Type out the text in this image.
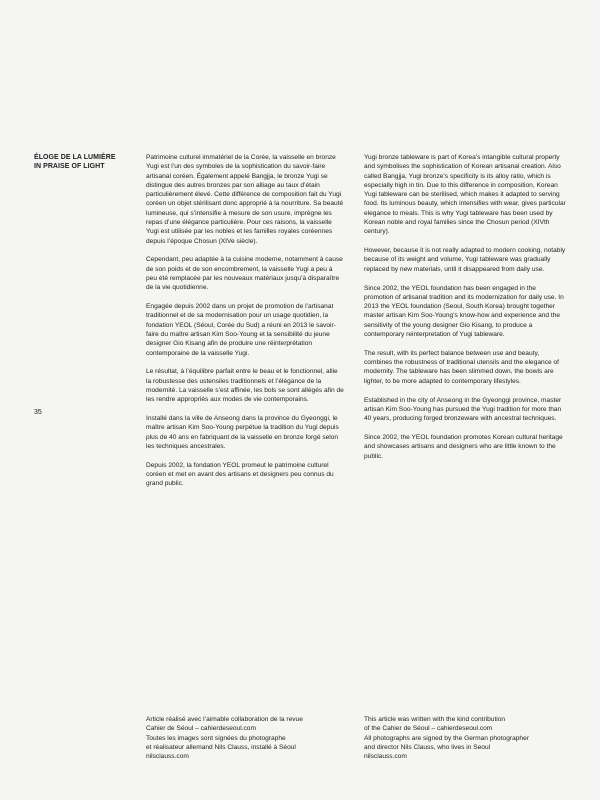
ÉLOGE DE LA LUMIÈRE
IN PRAISE OF LIGHT
35

Patrimoine culturel immatériel de la Corée, la vaisselle en bronze Yugi est l’un des symboles de la sophistication du savoir-faire artisanal coréen. Également appelé Bangjja, le bronze Yugi se distingue des autres bronzes par son alliage au taux d’étain particulièrement élevé. Cette différence de composition fait du Yugi coréen un objet stérilisant donc approprié à la nourriture. Sa beauté lumineuse, qui s’intensifie à mesure de son usure, imprègne les repas d’une élégance particulière. Pour ces raisons, la vaisselle Yugi est utilisée par les nobles et les familles royales coréennes depuis l’époque Chosun (XIVe siècle).

Cependant, peu adaptée à la cuisine moderne, notamment à cause de son poids et de son encombrement, la vaisselle Yugi a peu à peu été remplacée par les nouveaux matériaux jusqu’à disparaître de la vie quotidienne.

Engagée depuis 2002 dans un projet de promotion de l’artisanat traditionnel et de sa modernisation pour un usage quotidien, la fondation YEOL (Séoul, Corée du Sud) a réuni en 2013 le savoir-faire du maître artisan Kim Soo-Young et la sensibilité du jeune designer Gio Kisang afin de produire une réinterprétation contemporaine de la vaisselle Yugi.

Le résultat, à l’équilibre parfait entre le beau et le fonctionnel, allie la robustesse des ustensiles traditionnels et l’élégance de la modernité. La vaisselle s’est affinée, les bols se sont allégés afin de les rendre appropriés aux modes de vie contemporains.

Installé dans la ville de Anseong dans la province du Gyeonggi, le maître artisan Kim Soo-Young perpétue la tradition du Yugi depuis plus de 40 ans en fabriquant de la vaisselle en bronze forgé selon les techniques ancestrales.

Depuis 2002, la fondation YEOL promeut le patrimoine culturel coréen et met en avant des artisans et designers peu connus du grand public.

Yugi bronze tableware is part of Korea’s intangible cultural property and symbolises the sophistication of Korean artisanal creation. Also called Bangjja, Yugi bronze’s specificity is its alloy ratio, which is especially high in tin. Due to this difference in composition, Korean Yugi tableware can be sterilised, which makes it adapted to serving food. Its luminous beauty, which intensifies with wear, gives particular elegance to meals. This is why Yugi tableware has been used by Korean noble and royal families since the Chosun period (XIVth century).

However, because it is not really adapted to modern cooking, notably because of its weight and volume, Yugi tableware was gradually replaced by new materials, until it disappeared from daily use.

Since 2002, the YEOL foundation has been engaged in the promotion of artisanal tradition and its modernization for daily use. In 2013 the YEOL foundation (Seoul, South Korea) brought together master artisan Kim Soo-Young’s know-how and experience and the sensitivity of the young designer Gio Kisang, to produce a contemporary reinterpretation of Yugi tableware.

The result, with its perfect balance between use and beauty, combines the robustness of traditional utensils and the elegance of modernity. The tableware has been slimmed down, the bowls are lighter, to be more adapted to contemporary lifestyles.

Established in the city of Anseong in the Gyeonggi province, master artisan Kim Soo-Young has pursued the Yugi tradition for more than 40 years, producing forged bronzeware with ancestral techniques.

Since 2002, the YEOL foundation promotes Korean cultural heritage and showcases artisans and designers who are little known to the public.

Article réalisé avec l’aimable collaboration de la revue
Cahier de Séoul – cahierdeseoul.com
Toutes les images sont signées du photographe
et réalisateur allemand Nils Clauss, installé à Séoul
nilsclauss.com
This article was written with the kind contribution
of the Cahier de Séoul – cahierdeseoul.com
All photographs are signed by the German photographer
and director Nils Clauss, who lives in Seoul
nilsclauss.com
